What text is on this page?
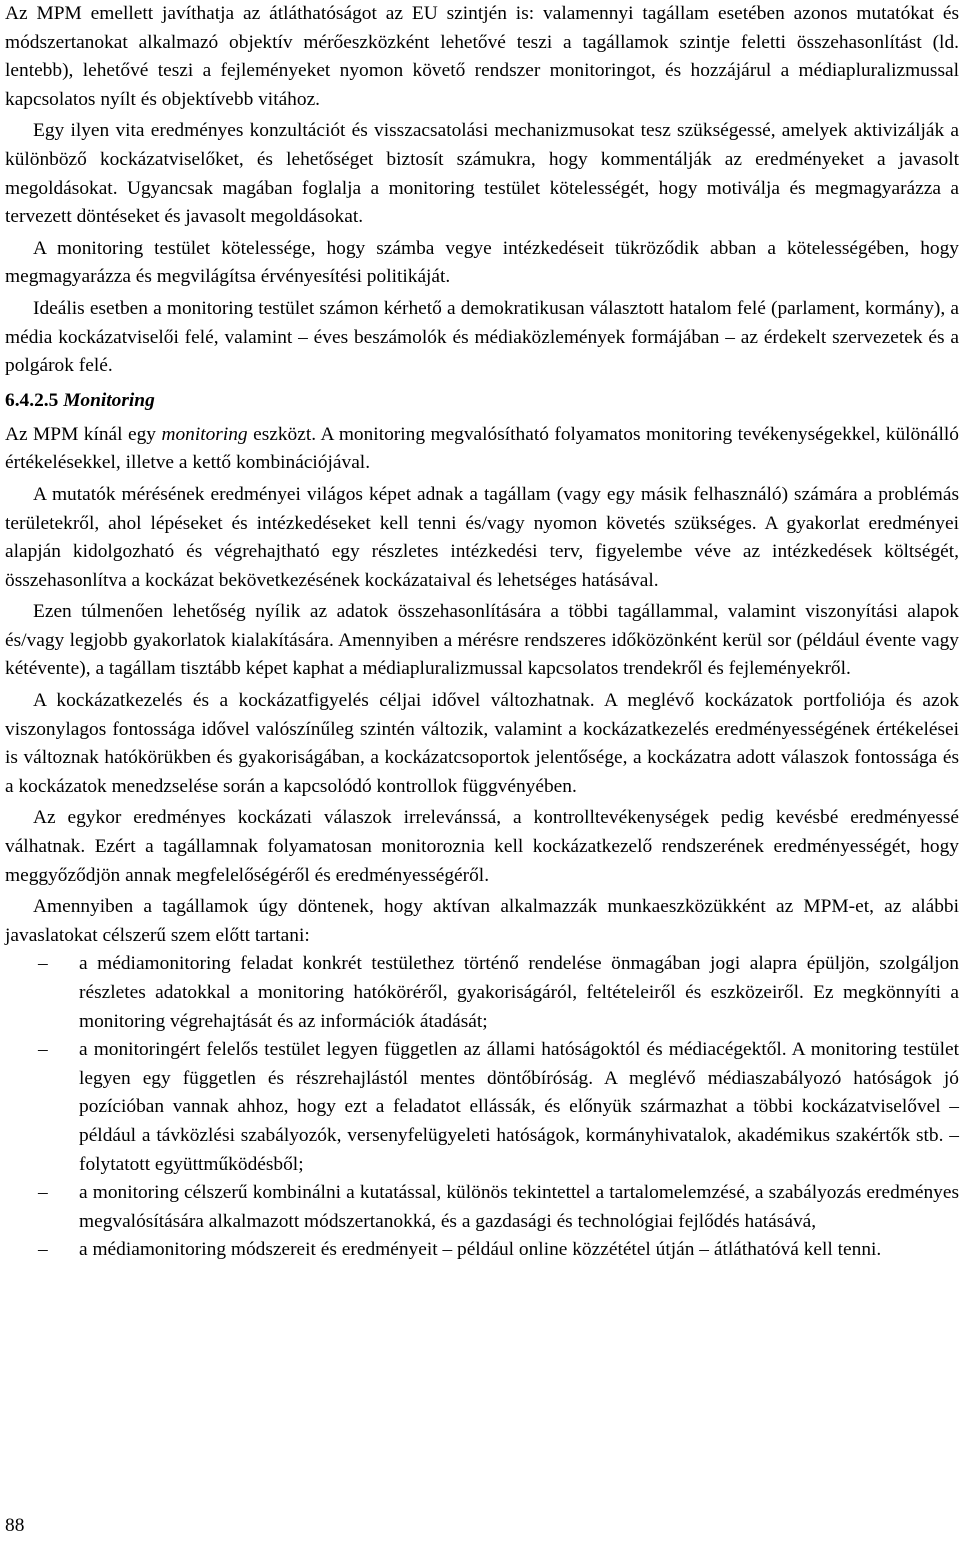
Az MPM emellett javíthatja az átláthatóságot az EU szintjén is: valamennyi tagállam esetében azonos mutatókat és módszertanokat alkalmazó objektív mérőeszközként lehetővé teszi a tagállamok szintje feletti összehasonlítást (ld. lentebb), lehetővé teszi a fejleményeket nyomon követő rendszer monitoringot, és hozzájárul a médiapluralizmussal kapcsolatos nyílt és objektívebb vitához.

Egy ilyen vita eredményes konzultációt és visszacsatolási mechanizmusokat tesz szükségessé, amelyek aktivizálják a különböző kockázatviselőket, és lehetőséget biztosít számukra, hogy kommentálják az eredményeket a javasolt megoldásokat. Ugyancsak magában foglalja a monitoring testület kötelességét, hogy motiválja és megmagyarázza a tervezett döntéseket és javasolt megoldásokat.

A monitoring testület kötelessége, hogy számba vegye intézkedéseit tükröződik abban a kötelességében, hogy megmagyarázza és megvilágítsa érvényesítési politikáját.

Ideális esetben a monitoring testület számon kérhető a demokratikusan választott hatalom felé (parlament, kormány), a média kockázatviselői felé, valamint – éves beszámolók és médiaközlemények formájában – az érdekelt szervezetek és a polgárok felé.

6.4.2.5 Monitoring

Az MPM kínál egy monitoring eszközt. A monitoring megvalósítható folyamatos monitoring tevékenységekkel, különálló értékelésekkel, illetve a kettő kombinációjával.

A mutatók mérésének eredményei világos képet adnak a tagállam (vagy egy másik felhasználó) számára a problémás területekről, ahol lépéseket és intézkedéseket kell tenni és/vagy nyomon követés szükséges. A gyakorlat eredményei alapján kidolgozható és végrehajtható egy részletes intézkedési terv, figyelembe véve az intézkedések költségét, összehasonlítva a kockázat bekövetkezésének kockázataival és lehetséges hatásával.

Ezen túlmenően lehetőség nyílik az adatok összehasonlítására a többi tagállammal, valamint viszonyítási alapok és/vagy legjobb gyakorlatok kialakítására. Amennyiben a mérésre rendszeres időközönként kerül sor (például évente vagy kétévente), a tagállam tisztább képet kaphat a médiapluralizmussal kapcsolatos trendekről és fejleményekről.

A kockázatkezelés és a kockázatfigyelés céljai idővel változhatnak. A meglévő kockázatok portfoliója és azok viszonylagos fontossága idővel valószínűleg szintén változik, valamint a kockázatkezelés eredményességének értékelései is változnak hatókörükben és gyakoriságában, a kockázatcsoportok jelentősége, a kockázatra adott válaszok fontossága és a kockázatok menedzselése során a kapcsolódó kontrollok függvényében.

Az egykor eredményes kockázati válaszok irrelevánssá, a kontrolltevékenységek pedig kevésbé eredményessé válhatnak. Ezért a tagállamnak folyamatosan monitoroznia kell kockázatkezelő rendszerének eredményességét, hogy meggyőződjön annak megfelelőségéről és eredményességéről.

Amennyiben a tagállamok úgy döntenek, hogy aktívan alkalmazzák munkaeszközükként az MPM-et, az alábbi javaslatokat célszerű szem előtt tartani:

– a médiamonitoring feladat konkrét testülethez történő rendelése önmagában jogi alapra épüljön, szolgáljon részletes adatokkal a monitoring hatóköréről, gyakoriságáról, feltételeiről és eszközeiről. Ez megkönnyíti a monitoring végrehajtását és az információk átadását;
– a monitoringért felelős testület legyen független az állami hatóságoktól és médiacégektől. A monitoring testület legyen egy független és részrehajlástól mentes döntőbíróság. A meglévő médiaszabályozó hatóságok jó pozícióban vannak ahhoz, hogy ezt a feladatot ellássák, és előnyük származhat a többi kockázatviselővel – például a távközlési szabályozók, versenyfelügyeleti hatóságok, kormányhivatalok, akadémikus szakértők stb. – folytatott együttműködésből;
– a monitoring célszerű kombinálni a kutatással, különös tekintettel a tartalomelemzésé, a szabályozás eredményes megvalósítására alkalmazott módszertanokká, és a gazdasági és technológiai fejlődés hatásává,
– a médiamonitoring módszereit és eredményeit – például online közzététel útján – átláthatóvá kell tenni.
88
